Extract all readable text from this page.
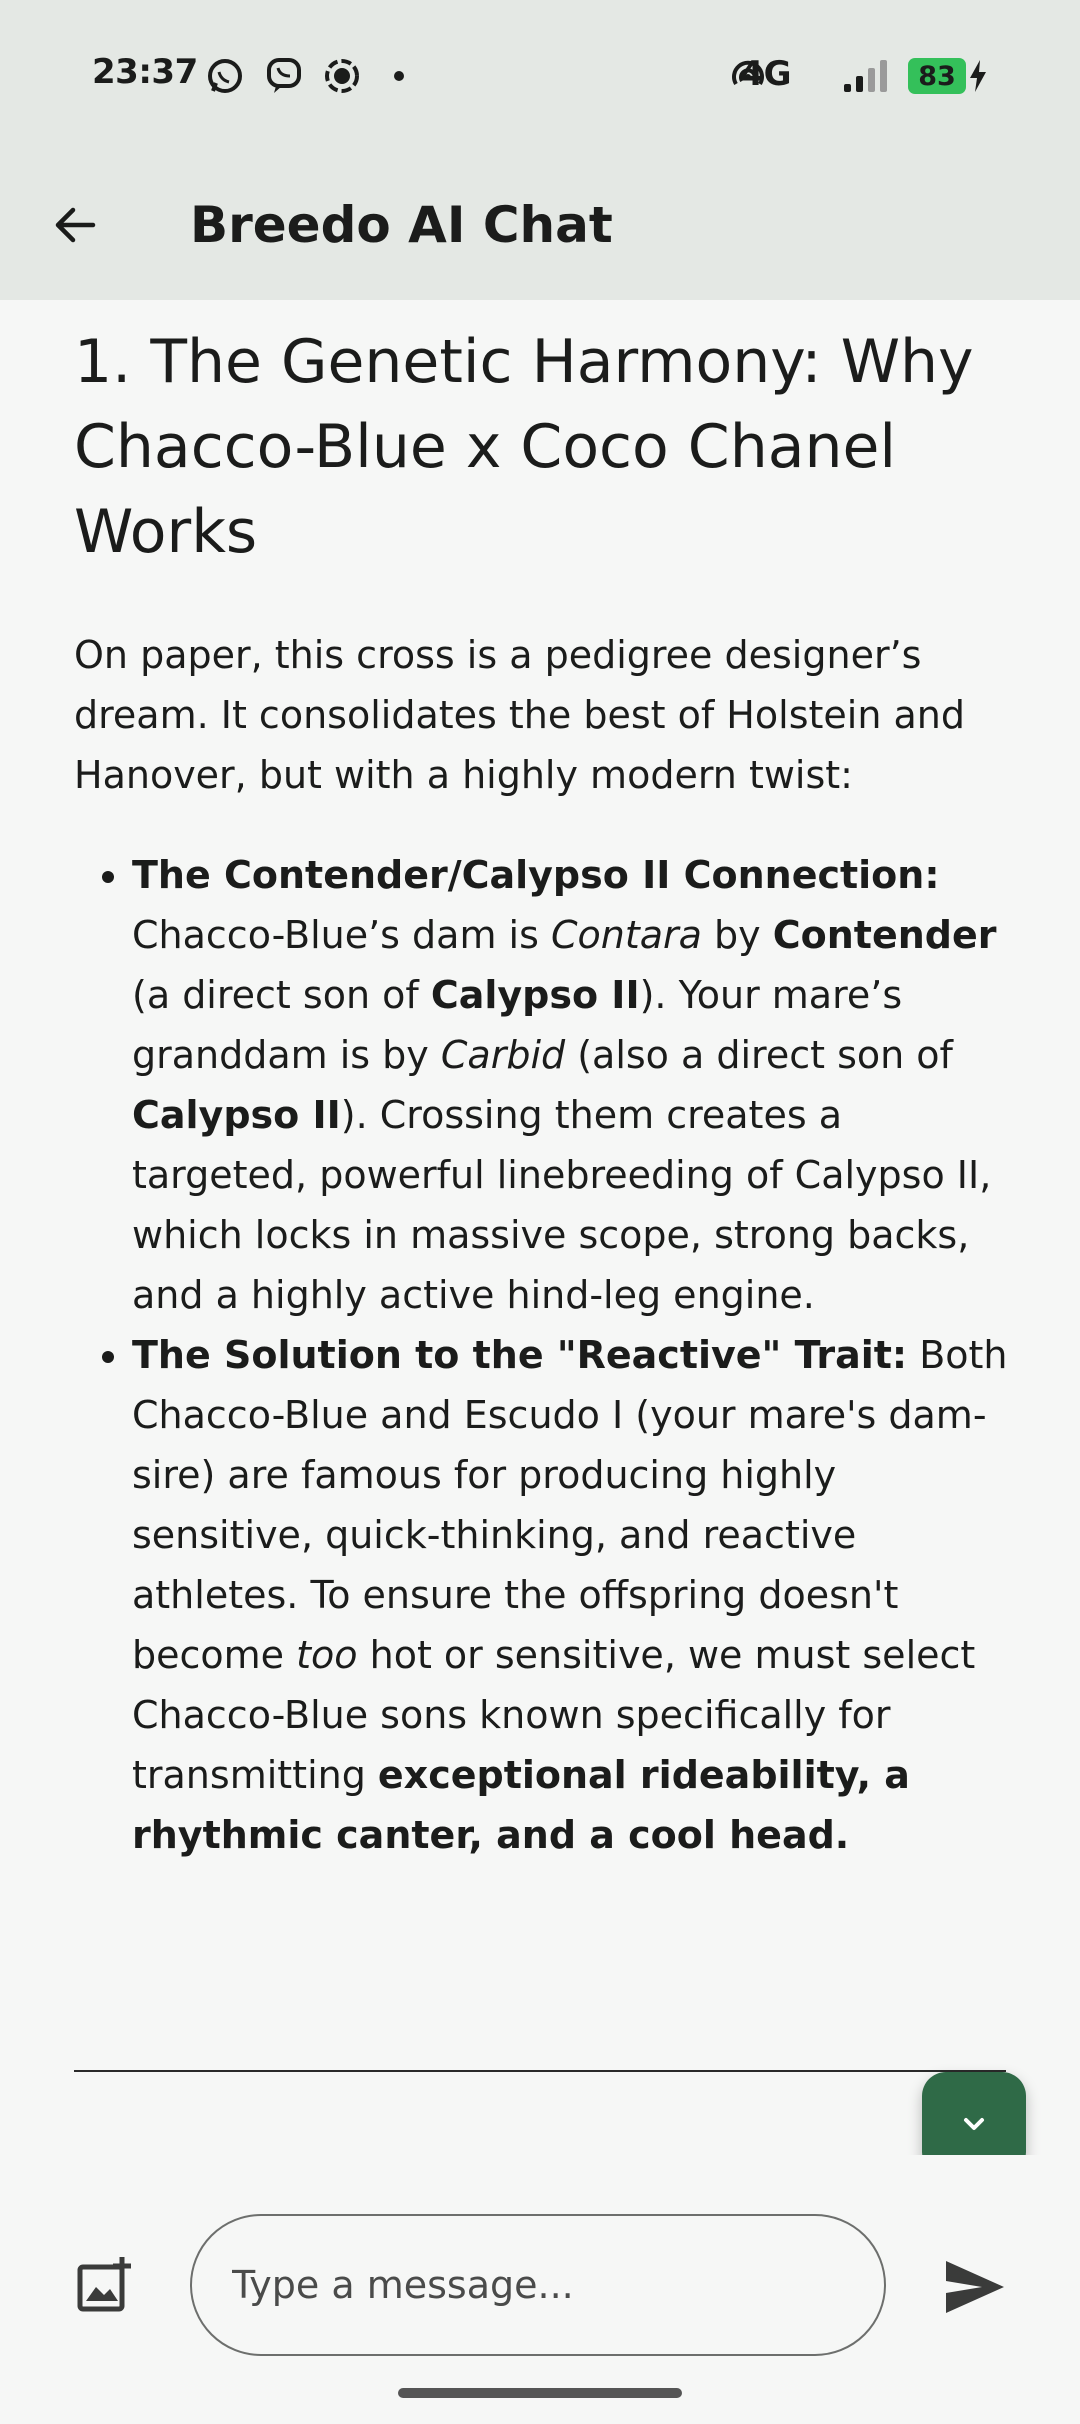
23:37	4G	83
Breedo AI Chat
1. The Genetic Harmony: Why Chacco-Blue x Coco Chanel Works
On paper, this cross is a pedigree designer’s dream. It consolidates the best of Holstein and Hanover, but with a highly modern twist:
• The Contender/Calypso II Connection: Chacco-Blue’s dam is Contara by Contender (a direct son of Calypso II). Your mare’s granddam is by Carbid (also a direct son of Calypso II). Crossing them creates a targeted, powerful linebreeding of Calypso II, which locks in massive scope, strong backs, and a highly active hind-leg engine.
• The Solution to the "Reactive" Trait: Both Chacco-Blue and Escudo I (your mare's dam-sire) are famous for producing highly sensitive, quick-thinking, and reactive athletes. To ensure the offspring doesn't become too hot or sensitive, we must select Chacco-Blue sons known specifically for transmitting exceptional rideability, a rhythmic canter, and a cool head.
Type a message...
